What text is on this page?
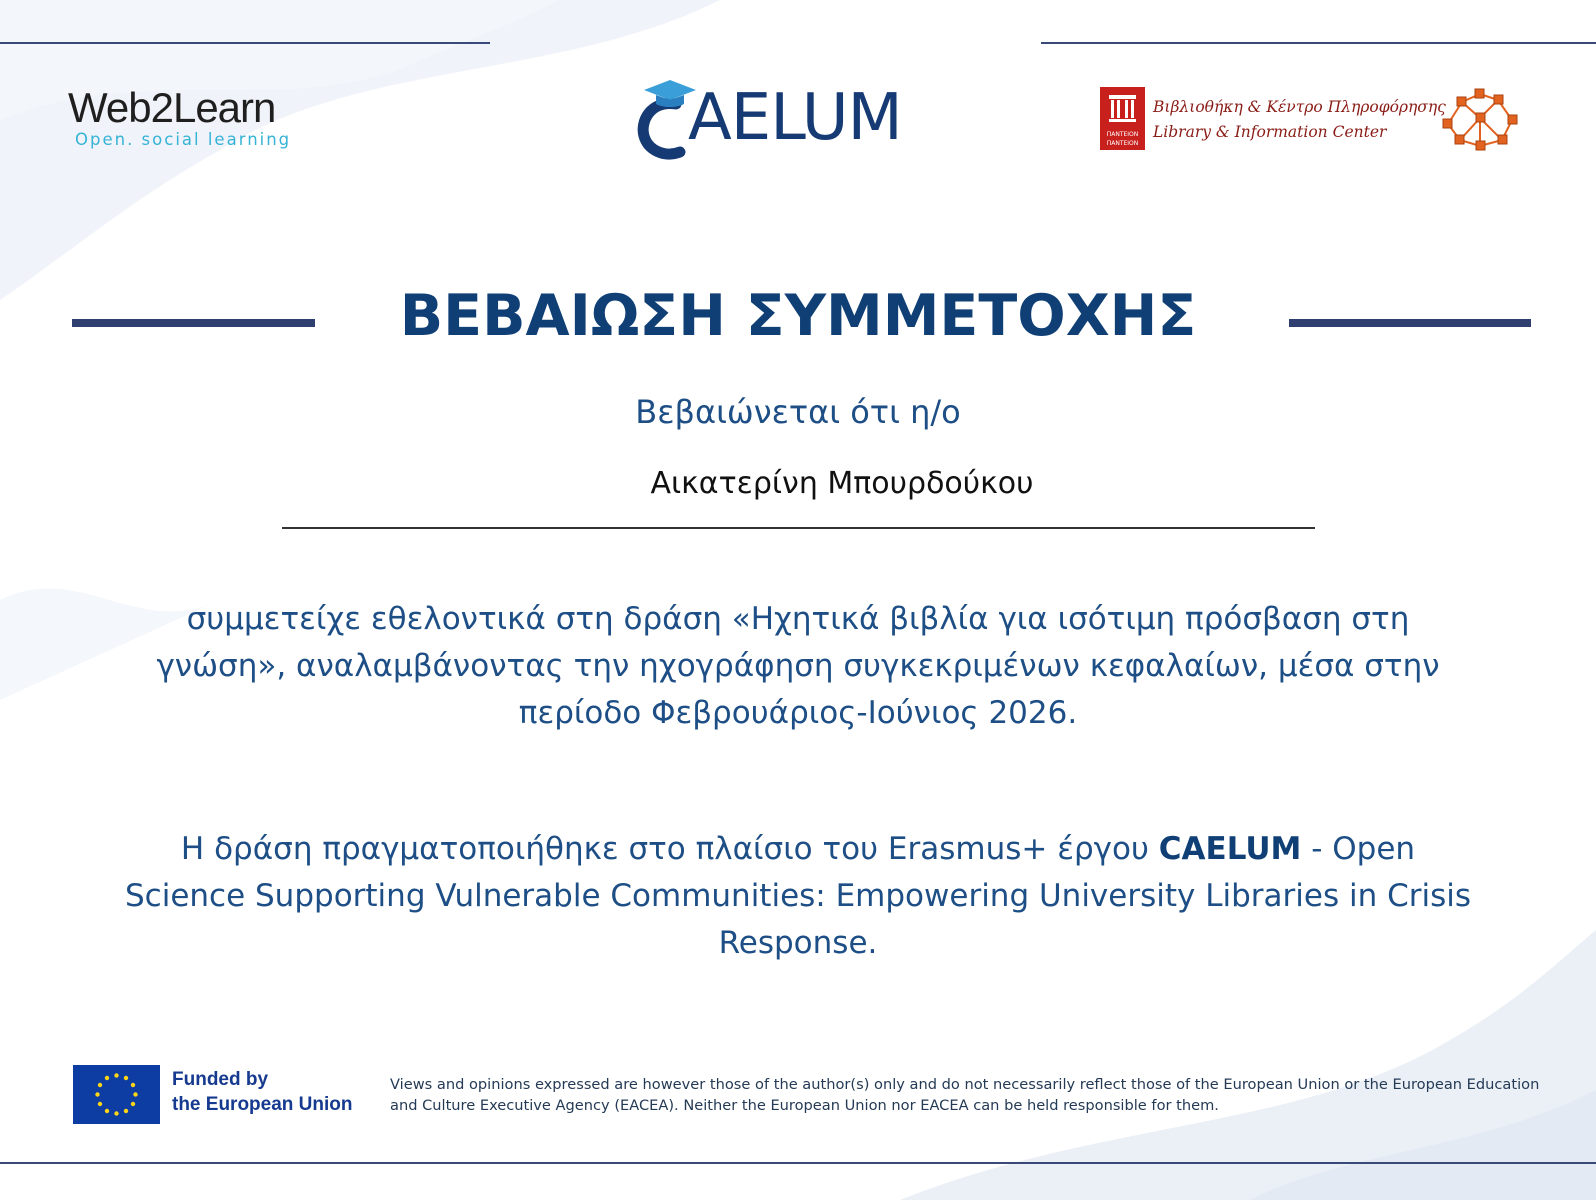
Web2Learn
Open. social learning	AELUM	ΠΑΝΤΕΙΟΝ
ΠΑΝΤΕΙΟΝ
Βιβλιοθήκη & Κέντρο Πληροφόρησης
Library & Information Center
ΒΕΒΑΙΩΣΗ ΣΥΜΜΕΤΟΧΗΣ
Βεβαιώνεται ότι η/ο
Αικατερίνη Μπουρδούκου
συμμετείχε εθελοντικά στη δράση «Ηχητικά βιβλία για ισότιμη πρόσβαση στη γνώση», αναλαμβάνοντας την ηχογράφηση συγκεκριμένων κεφαλαίων, μέσα στην περίοδο Φεβρουάριος-Ιούνιος 2026.
Η δράση πραγματοποιήθηκε στο πλαίσιο του Erasmus+ έργου CAELUM - Open Science Supporting Vulnerable Communities: Empowering University Libraries in Crisis Response.
Funded by
the European Union
Views and opinions expressed are however those of the author(s) only and do not necessarily reflect those of the European Union or the European Education and Culture Executive Agency (EACEA). Neither the European Union nor EACEA can be held responsible for them.
